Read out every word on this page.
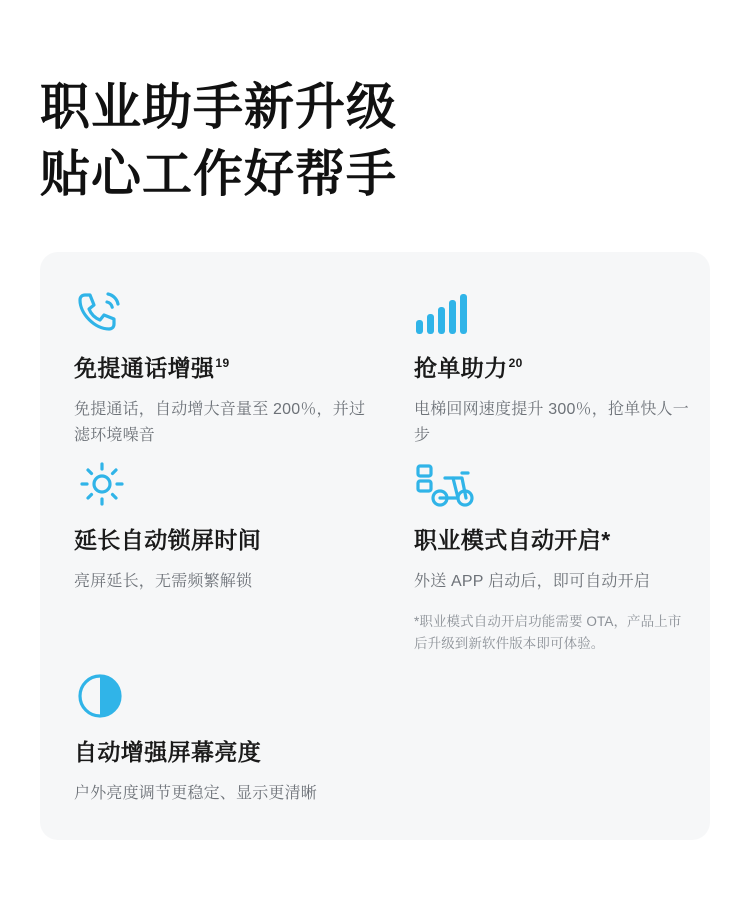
职业助手新升级
贴心工作好帮手
免提通话增强$^{19}$
免提通话，自动增大音量至 200％，并过滤环境噪音
抢单助力$^{20}$
电梯回网速度提升 300％，抢单快人一步
延长自动锁屏时间
亮屏延长，无需频繁解锁
职业模式自动开启*
外送 APP 启动后，即可自动开启
*职业模式自动开启功能需要 OTA，产品上市后升级到新软件版本即可体验。
自动增强屏幕亮度
户外亮度调节更稳定、显示更清晰
